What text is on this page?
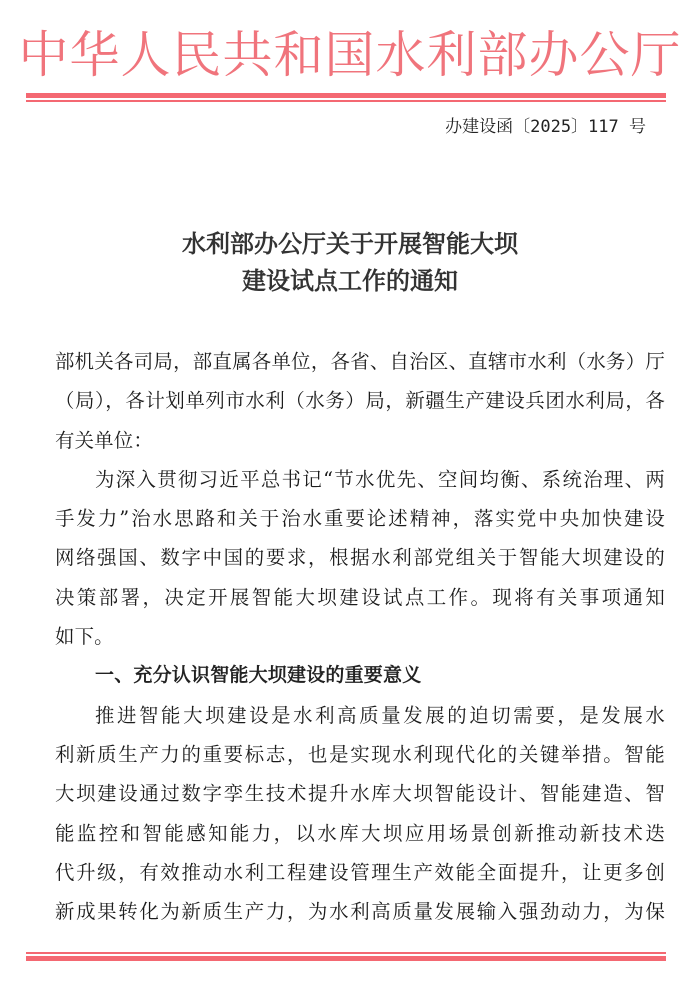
中华人民共和国水利部办公厅
办建设函〔2025〕117 号
水利部办公厅关于开展智能大坝
建设试点工作的通知
部机关各司局，部直属各单位，各省、自治区、直辖市水利（水务）厅
（局），各计划单列市水利（水务）局，新疆生产建设兵团水利局，各
有关单位：
为深入贯彻习近平总书记“节水优先、空间均衡、系统治理、两
手发力”治水思路和关于治水重要论述精神，落实党中央加快建设
网络强国、数字中国的要求，根据水利部党组关于智能大坝建设的
决策部署，决定开展智能大坝建设试点工作。现将有关事项通知
如下。
一、充分认识智能大坝建设的重要意义
推进智能大坝建设是水利高质量发展的迫切需要，是发展水
利新质生产力的重要标志，也是实现水利现代化的关键举措。智能
大坝建设通过数字孪生技术提升水库大坝智能设计、智能建造、智
能监控和智能感知能力，以水库大坝应用场景创新推动新技术迭
代升级，有效推动水利工程建设管理生产效能全面提升，让更多创
新成果转化为新质生产力，为水利高质量发展输入强劲动力，为保
